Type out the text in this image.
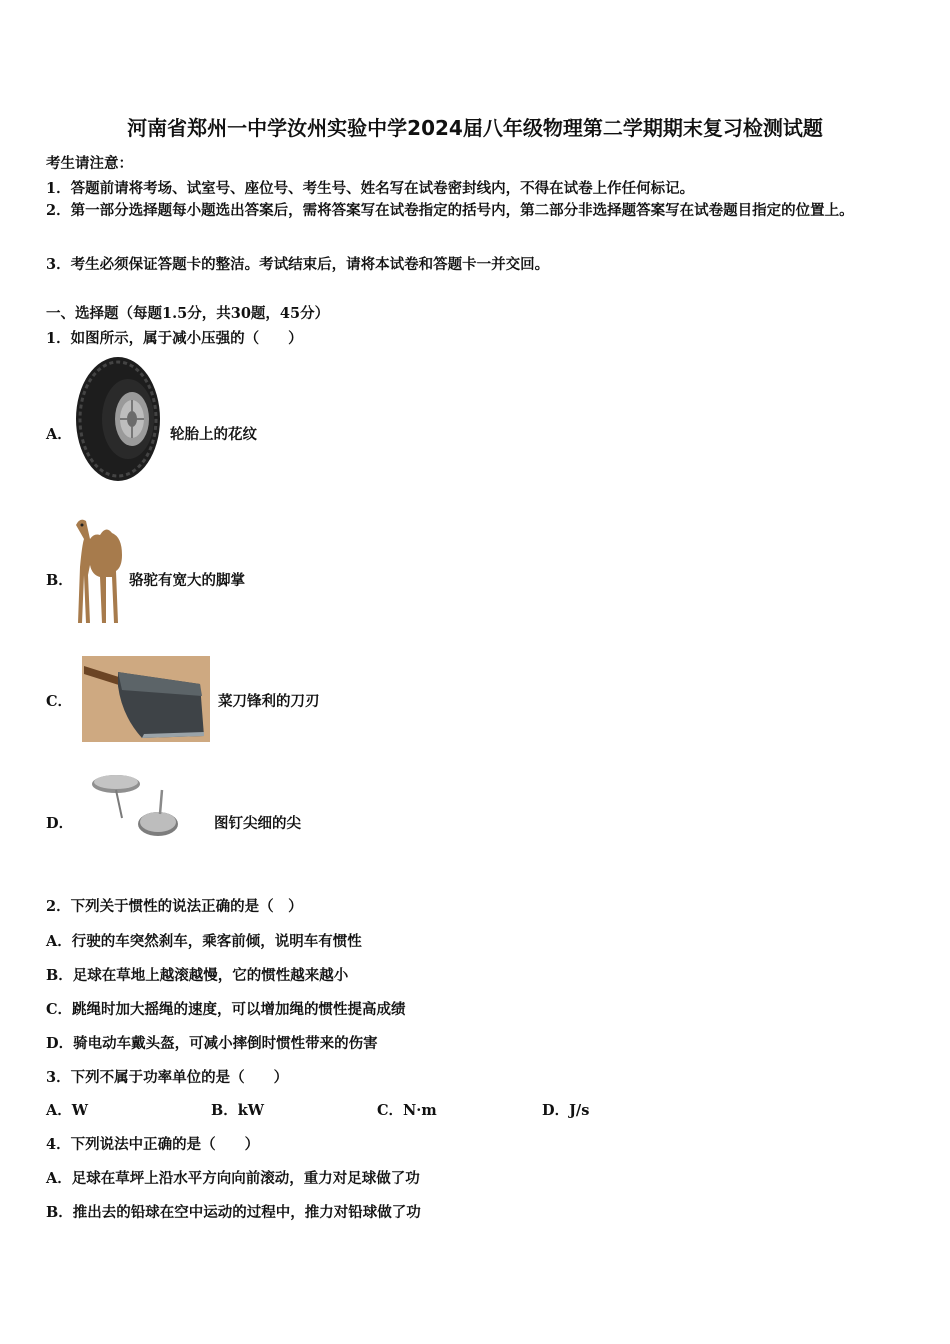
河南省郑州一中学汝州实验中学2024届八年级物理第二学期期末复习检测试题
考生请注意：
1．答题前请将考场、试室号、座位号、考生号、姓名写在试卷密封线内，不得在试卷上作任何标记。
2．第一部分选择题每小题选出答案后，需将答案写在试卷指定的括号内，第二部分非选择题答案写在试卷题目指定的位置上。
3．考生必须保证答题卡的整洁。考试结束后，请将本试卷和答题卡一并交回。
一、选择题（每题1.5分，共30题，45分）
1．如图所示，属于减小压强的（　　）
A．	轮胎上的花纹
B．	骆驼有宽大的脚掌
C．	菜刀锋利的刀刃
D．	图钉尖细的尖
2．下列关于惯性的说法正确的是（　）
A．行驶的车突然刹车，乘客前倾，说明车有惯性
B．足球在草地上越滚越慢，它的惯性越来越小
C．跳绳时加大摇绳的速度，可以增加绳的惯性提高成绩
D．骑电动车戴头盔，可减小摔倒时惯性带来的伤害
3．下列不属于功率单位的是（　　）
A．W	B．kW	C．N·m	D．J/s
4．下列说法中正确的是（　　）
A．足球在草坪上沿水平方向向前滚动，重力对足球做了功
B．推出去的铅球在空中运动的过程中，推力对铅球做了功
